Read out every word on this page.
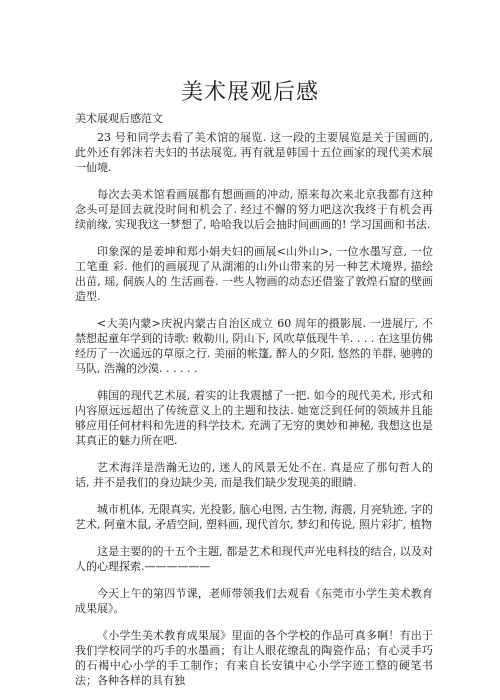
美术展观后感
美术展观后感范文

23 号和同学去看了美术馆的展览. 这一段的主要展览是关于国画的, 此外还有郭沫若夫妇的书法展览, 再有就是韩国十五位画家的现代美术展一仙境.

每次去美术馆看画展都有想画画的冲动, 原来每次来北京我都有这种念头可是回去就没时间和机会了. 经过不懈的努力吧这次我终于有机会再续前缘, 实现我这一梦想了, 哈哈我以后会抽时间画画的! 学习国画和书法.

印象深的是姜坤和郑小娟夫妇的画展<山外山>, 一位水墨写意, 一位工笔重 彩. 他们的画展现了从湖湘的山外山带来的另一种艺术境界, 描绘出苗, 瑶, 侗族人的 生活画卷. 一些人物画的动态还借鉴了敦煌石窟的壁画造型.

<大美内蒙>庆祝内蒙古自治区成立 60 周年的摄影展. 一进展厅, 不禁想起童年学到的诗歌: 敕勒川, 阴山下, 风吹草低现牛羊. . . . 在这里仿佛经历了一次遥远的草原之行. 美丽的帐篷, 醉人的夕阳, 悠然的羊群, 驰骋的马队, 浩瀚的沙漠. . . . . .

韩国的现代艺术展, 着实的让我震撼了一把. 如今的现代美术, 形式和内容原远远超出了传统意义上的主题和技法. 她宽泛到任何的领域并且能够应用任何材料和先进的科学技术, 充满了无穷的奥妙和神秘, 我想这也是其真正的魅力所在吧.

艺术海洋是浩瀚无边的, 迷人的风景无处不在. 真是应了那句哲人的话, 并不是我们的身边缺少美, 而是我们缺少发现美的眼睛.

城市机体, 无限真实, 光投影, 脑心电图, 古生物, 海震, 月亮轨迹, 字的艺术, 阿童木鼠, 矛盾空间, 塑料画, 现代首尔, 梦幻和传说, 照片彩扩, 植物

这是主要的的十五个主题, 都是艺术和现代声光电科技的结合, 以及对人的心理探索.——————

今天上午的第四节课，老师带领我们去观看《东莞市小学生美术教育成果展》。

《小学生美术教育成果展》里面的各个学校的作品可真多啊！有出于我们学校同学的巧手的水墨画；有让人眼花缭乱的陶瓷作品；有心灵手巧的石褐中心小学的手工制作；有来自长安镇中心小学字迹工整的硬笔书法；各种各样的具有独
